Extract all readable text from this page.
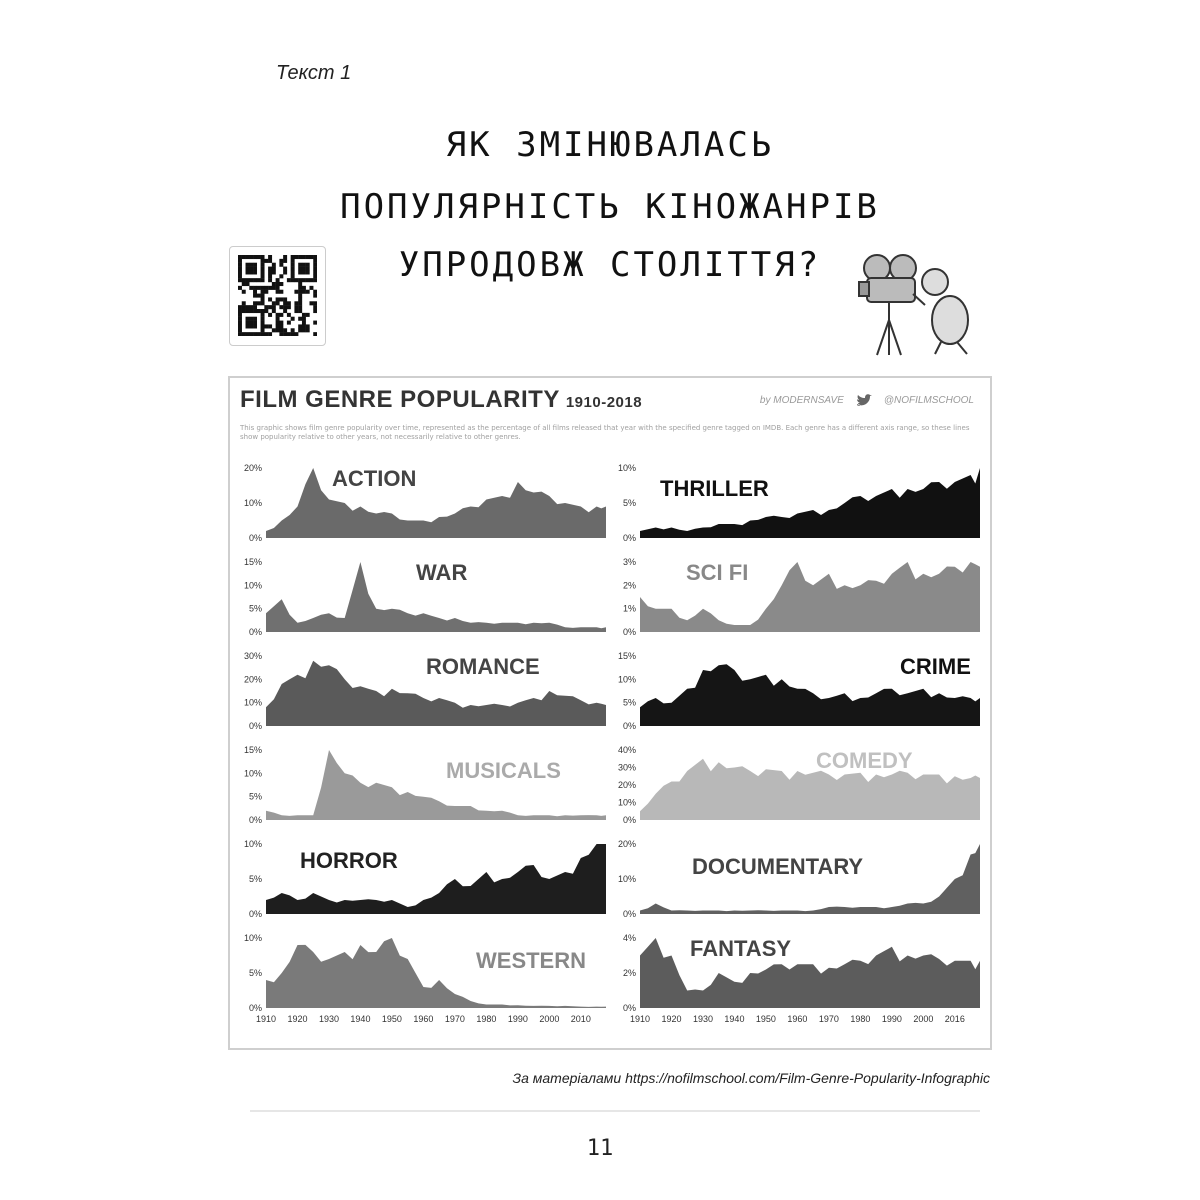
Текст 1
ЯК ЗМІНЮВАЛАСЬ
ПОПУЛЯРНІСТЬ КІНОЖАНРІВ
УПРОДОВЖ СТОЛІТТЯ?
FILM GENRE POPULARITY 1910-2018	by MODERNSAVE	@NOFILMSCHOOL
This graphic shows film genre popularity over time, represented as the percentage of all films released that year with the specified genre tagged on IMDB. Each genre has a different axis range, so these lines show popularity relative to other years, not necessarily relative to other genres.
0%
10%
20%	ACTION
0%
5%
10%
15%	WAR
0%
10%
20%
30%	ROMANCE
0%
5%
10%
15%
MUSICALS
0%
5%
10%
HORROR
0%
5%
10%
WESTERN
0%
5%
10%
THRILLER
0%
1%
2%
3% SCI FI
0%
5%
10%
15%	CRIME
0%
10%
20%
30%
40%	COMEDY
0%
10%
20%
DOCUMENTARY
0%
2%
4% FANTASY
1910 1920 1930 1940 1950 1960 1970 1980 1990 2000 2010	1910 1920 1930 1940 1950 1960 1970 1980 1990 2000 2016
За матеріалами https://nofilmschool.com/Film-Genre-Popularity-Infographic
11
